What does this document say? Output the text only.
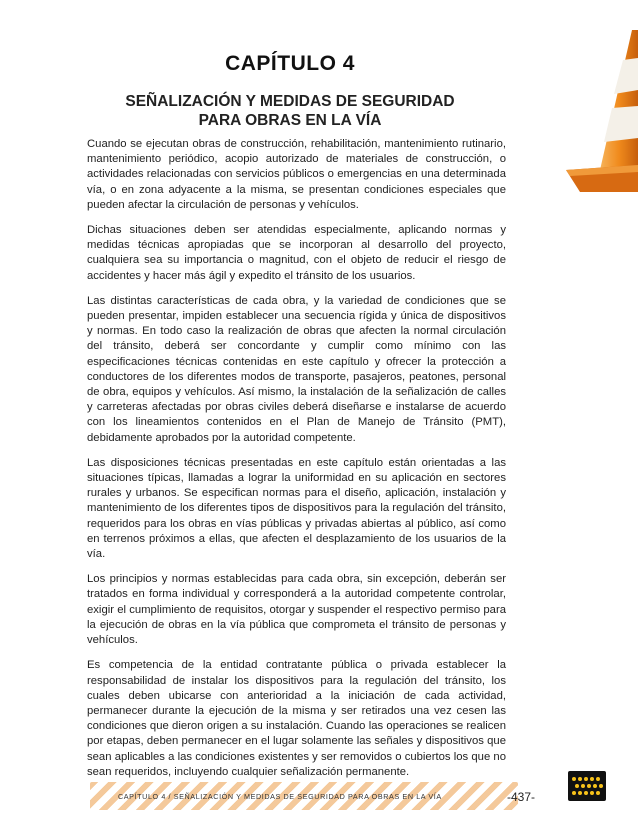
CAPÍTULO 4
SEÑALIZACIÓN Y MEDIDAS DE SEGURIDAD
PARA OBRAS EN LA VÍA

Cuando se ejecutan obras de construcción, rehabilitación, mantenimiento rutinario, mantenimiento periódico, acopio autorizado de materiales de construcción, o actividades relacionadas con servicios públicos o emergencias en una determinada vía, o en zona adyacente a la misma, se presentan condiciones especiales que pueden afectar la circulación de personas y vehículos.

Dichas situaciones deben ser atendidas especialmente, aplicando normas y medidas técnicas apropiadas que se incorporan al desarrollo del proyecto, cualquiera sea su importancia o magnitud, con el objeto de reducir el riesgo de accidentes y hacer más ágil y expedito el tránsito de los usuarios.

Las distintas características de cada obra, y la variedad de condiciones que se pueden presentar, impiden establecer una secuencia rígida y única de dispositivos y normas. En todo caso la realización de obras que afecten la normal circulación del tránsito, deberá ser concordante y cumplir como mínimo con las especificaciones técnicas contenidas en este capítulo y ofrecer la protección a conductores de los diferentes modos de transporte, pasajeros, peatones, personal de obra, equipos y vehículos. Así mismo, la instalación de la señalización de calles y carreteras afectadas por obras civiles deberá diseñarse e instalarse de acuerdo con los lineamientos contenidos en el Plan de Manejo de Tránsito (PMT), debidamente aprobados por la autoridad competente.

Las disposiciones técnicas presentadas en este capítulo están orientadas a las situaciones típicas, llamadas a lograr la uniformidad en su aplicación en sectores rurales y urbanos. Se especifican normas para el diseño, aplicación, instalación y mantenimiento de los diferentes tipos de dispositivos para la regulación del tránsito, requeridos para los obras en vías públicas y privadas abiertas al público, así como en terrenos próximos a ellas, que afecten el desplazamiento de los usuarios de la vía.

Los principios y normas establecidas para cada obra, sin excepción, deberán ser tratados en forma individual y corresponderá a la autoridad competente controlar, exigir el cumplimiento de requisitos, otorgar y suspender el respectivo permiso para la ejecución de obras en la vía pública que comprometa el tránsito de personas y vehículos.

Es competencia de la entidad contratante pública o privada establecer la responsabilidad de instalar los dispositivos para la regulación del tránsito, los cuales deben ubicarse con anterioridad a la iniciación de cada actividad, permanecer durante la ejecución de la misma y ser retirados una vez cesen las condiciones que dieron origen a su instalación. Cuando las operaciones se realicen por etapas, deben permanecer en el lugar solamente las señales y dispositivos que sean aplicables a las condiciones existentes y ser removidos o cubiertos los que no sean requeridos, incluyendo cualquier señalización permanente.

CAPÍTULO 4 / SEÑALIZACIÓN Y MEDIDAS DE SEGURIDAD PARA OBRAS EN LA VÍA	-437-
